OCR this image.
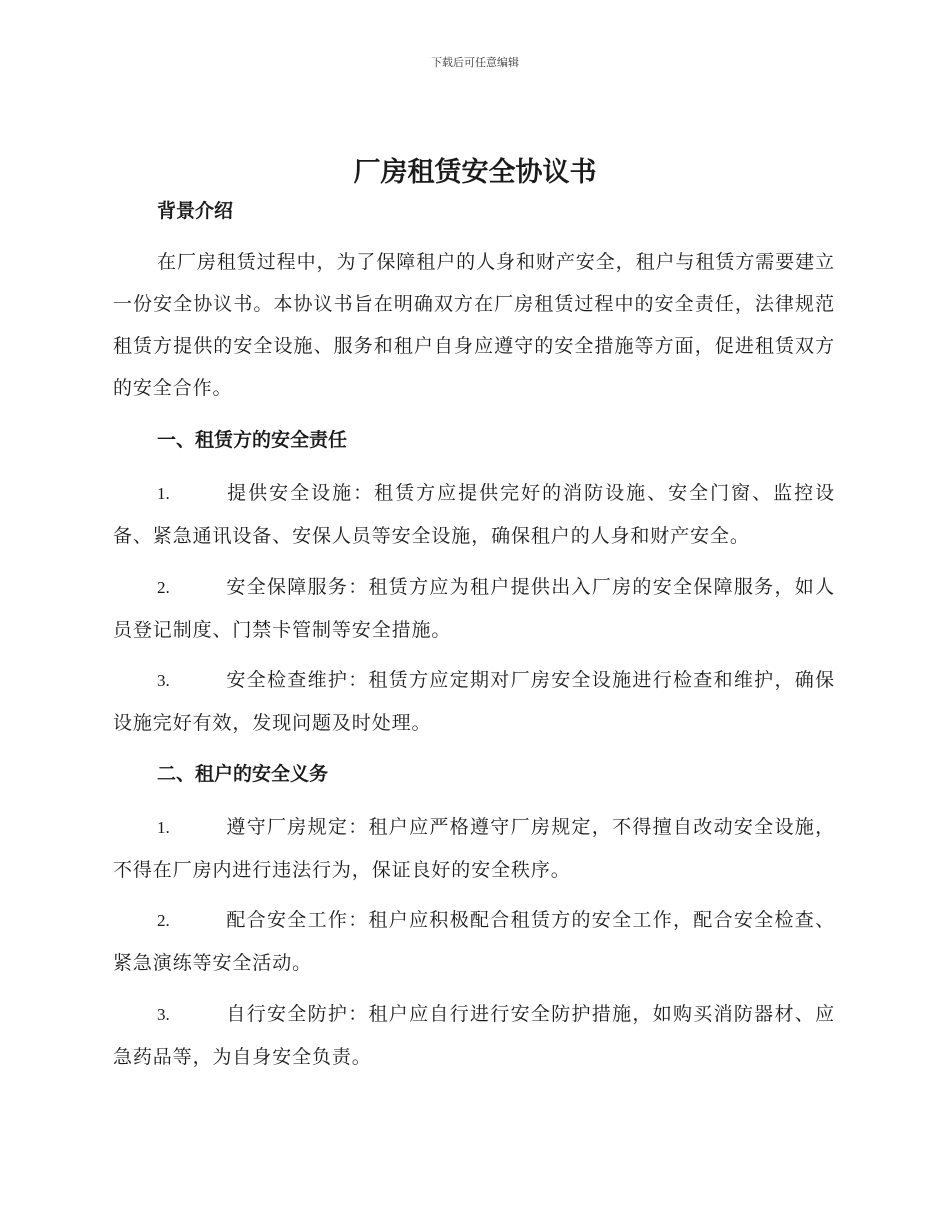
下载后可任意编辑
厂房租赁安全协议书
背景介绍

在厂房租赁过程中，为了保障租户的人身和财产安全，租户与租赁方需要建立一份安全协议书。本协议书旨在明确双方在厂房租赁过程中的安全责任，法律规范租赁方提供的安全设施、服务和租户自身应遵守的安全措施等方面，促进租赁双方的安全合作。

一、租赁方的安全责任

1.	提供安全设施：租赁方应提供完好的消防设施、安全门窗、监控设备、紧急通讯设备、安保人员等安全设施，确保租户的人身和财产安全。

2.	安全保障服务：租赁方应为租户提供出入厂房的安全保障服务，如人员登记制度、门禁卡管制等安全措施。

3.	安全检查维护：租赁方应定期对厂房安全设施进行检查和维护，确保设施完好有效，发现问题及时处理。

二、租户的安全义务

1.	遵守厂房规定：租户应严格遵守厂房规定，不得擅自改动安全设施，不得在厂房内进行违法行为，保证良好的安全秩序。

2.	配合安全工作：租户应积极配合租赁方的安全工作，配合安全检查、紧急演练等安全活动。

3.	自行安全防护：租户应自行进行安全防护措施，如购买消防器材、应急药品等，为自身安全负责。
